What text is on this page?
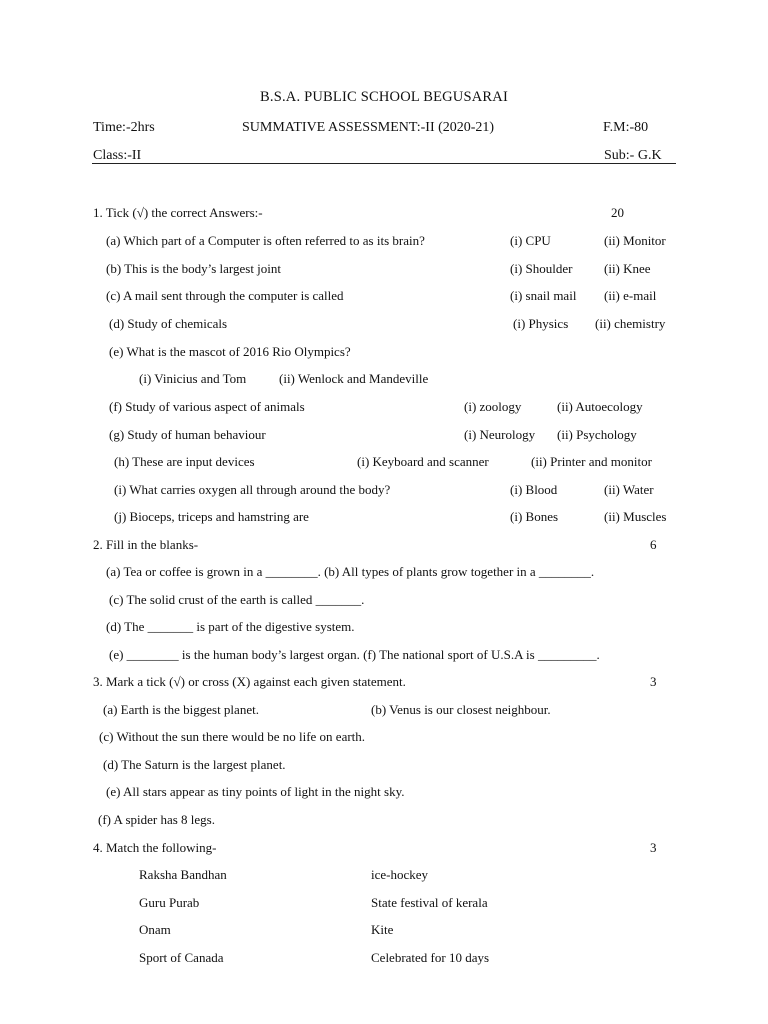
B.S.A. PUBLIC SCHOOL BEGUSARAI
Time:-2hrs	SUMMATIVE ASSESSMENT:-II (2020-21)	F.M:-80
Class:-II	Sub:- G.K
1. Tick (√) the correct Answers:-	20
(a) Which part of a Computer is often referred to as its brain?	(i) CPU	(ii) Monitor
(b) This is the body’s largest joint	(i) Shoulder (ii) Knee
(c) A mail sent through the computer is called	(i) snail mail (ii) e-mail
(d) Study of chemicals	(i) Physics (ii) chemistry
(e) What is the mascot of 2016 Rio Olympics?
(i) Vinicius and Tom	(ii) Wenlock and Mandeville
(f) Study of various aspect of animals	(i) zoology	(ii) Autoecology
(g) Study of human behaviour	(i) Neurology (ii) Psychology
(h) These are input devices	(i) Keyboard and scanner	(ii) Printer and monitor
(i) What carries oxygen all through around the body?	(i) Blood	(ii) Water
(j) Bioceps, triceps and hamstring are	(i) Bones	(ii) Muscles
2. Fill in the blanks-	6
(a) Tea or coffee is grown in a ________. (b) All types of plants grow together in a ________.
(c) The solid crust of the earth is called _______.
(d) The _______ is part of the digestive system.
(e) ________ is the human body’s largest organ. (f) The national sport of U.S.A is _________.
3. Mark a tick (√) or cross (X) against each given statement.	3
(a) Earth is the biggest planet.	(b) Venus is our closest neighbour.
(c) Without the sun there would be no life on earth.
(d) The Saturn is the largest planet.
(e) All stars appear as tiny points of light in the night sky.
(f) A spider has 8 legs.
4. Match the following-	3
Raksha Bandhan	ice-hockey
Guru Purab	State festival of kerala
Onam	Kite
Sport of Canada	Celebrated for 10 days
